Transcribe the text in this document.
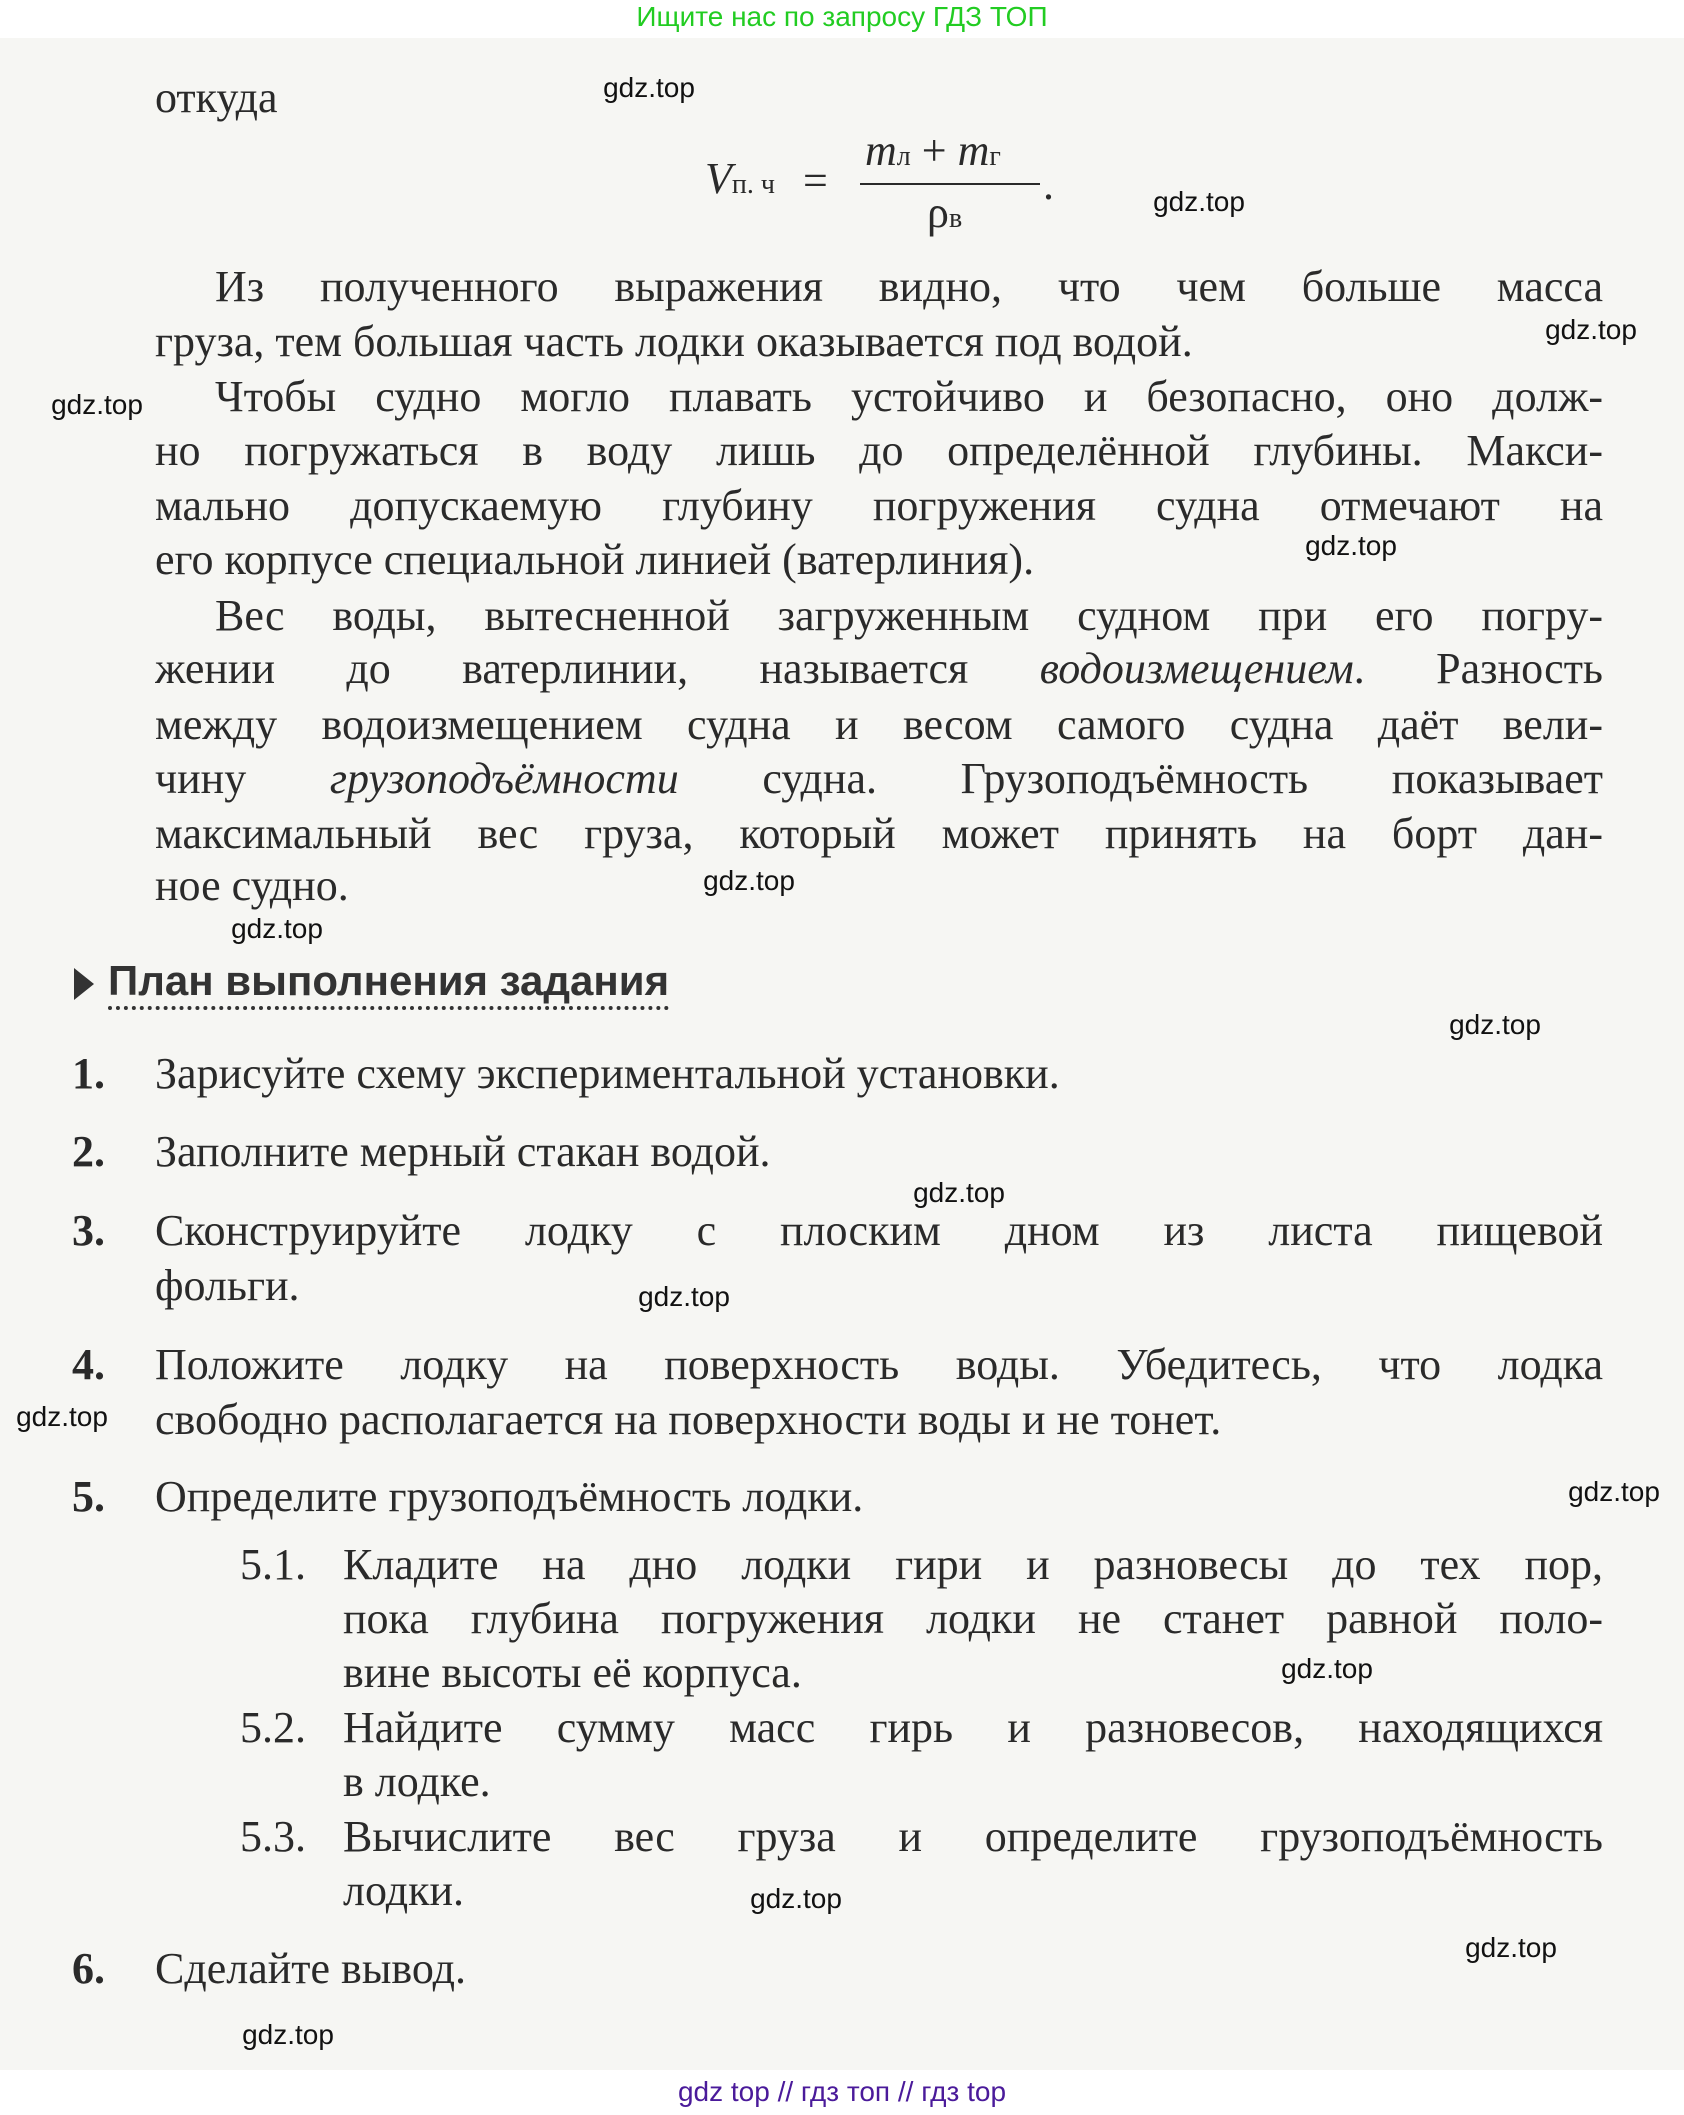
Ищите нас по запросу ГДЗ ТОП
откуда
Vп. ч =
mл + mг
ρв
.
Из полученного выражения видно, что чем больше масса
груза, тем большая часть лодки оказывается под водой.
Чтобы судно могло плавать устойчиво и безопасно, оно долж-
но погружаться в воду лишь до определённой глубины. Макси-
мально допускаемую глубину погружения судна отмечают на
его корпусе специальной линией (ватерлиния).
Вес воды, вытесненной загруженным судном при его погру-
жении до ватерлинии, называется водоизмещением. Разность
между водоизмещением судна и весом самого судна даёт вели-
чину грузоподъёмности судна. Грузоподъёмность показывает
максимальный вес груза, который может принять на борт дан-
ное судно.
План выполнения задания
1. Зарисуйте схему экспериментальной установки.
2. Заполните мерный стакан водой.
3. Сконструируйте лодку с плоским дном из листа пищевой
фольги.
4. Положите лодку на поверхность воды. Убедитесь, что лодка
свободно располагается на поверхности воды и не тонет.
5. Определите грузоподъёмность лодки.
5.1. Кладите на дно лодки гири и разновесы до тех пор,
пока глубина погружения лодки не станет равной поло-
вине высоты её корпуса.
5.2. Найдите сумму масс гирь и разновесов, находящихся
в лодке.
5.3. Вычислите вес груза и определите грузоподъёмность
лодки.
6. Сделайте вывод.
gdz.top
gdz.top
gdz.top
gdz.top
gdz.top
gdz.top
gdz.top
gdz.top
gdz.top
gdz.top
gdz.top
gdz.top
gdz.top
gdz.top
gdz.top
gdz.top
gdz top // гдз топ // гдз top
